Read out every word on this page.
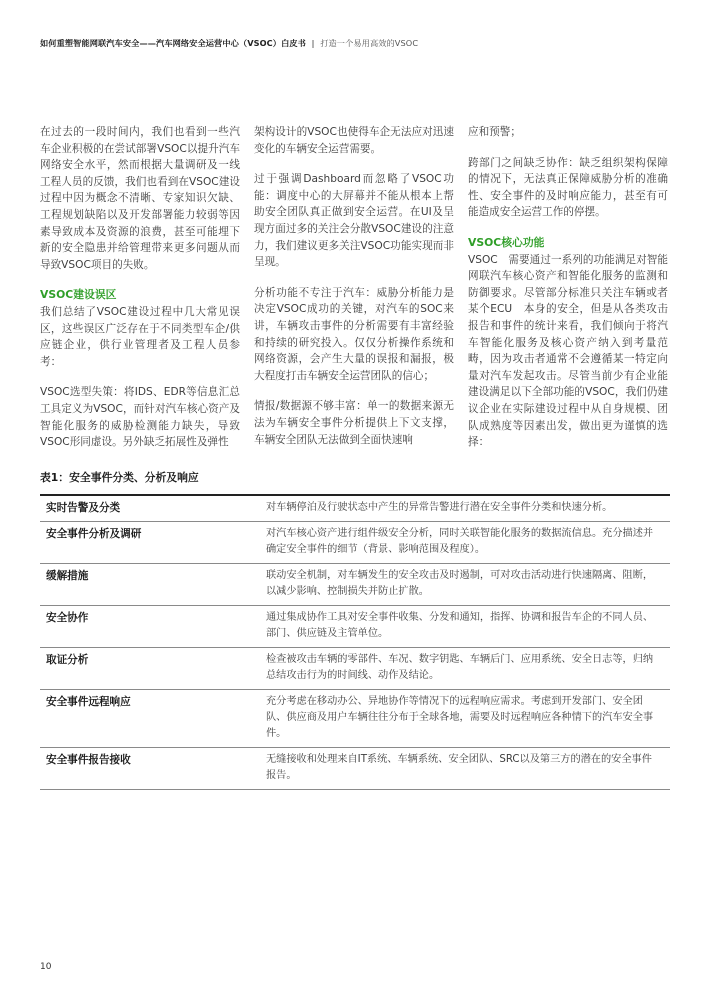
如何重塑智能网联汽车安全——汽车网络安全运营中心（VSOC）白皮书 | 打造一个易用高效的VSOC

在过去的一段时间内，我们也看到一些汽车企业积极的在尝试部署VSOC以提升汽车网络安全水平，然而根据大量调研及一线工程人员的反馈，我们也看到在VSOC建设过程中因为概念不清晰、专家知识欠缺、工程规划缺陷以及开发部署能力较弱等因素导致成本及资源的浪费，甚至可能埋下新的安全隐患并给管理带来更多问题从而导致VSOC项目的失败。

VSOC建设误区

我们总结了VSOC建设过程中几大常见误区，这些误区广泛存在于不同类型车企/供应链企业，供行业管理者及工程人员参考：

VSOC选型失策：将IDS、EDR等信息汇总工具定义为VSOC，而针对汽车核心资产及智能化服务的威胁检测能力缺失，导致VSOC形同虚设。另外缺乏拓展性及弹性

架构设计的VSOC也使得车企无法应对迅速变化的车辆安全运营需要。

过于强调Dashboard而忽略了VSOC功能：调度中心的大屏幕并不能从根本上帮助安全团队真正做到安全运营。在UI及呈现方面过多的关注会分散VSOC建设的注意力，我们建议更多关注VSOC功能实现而非呈现。

分析功能不专注于汽车：威胁分析能力是决定VSOC成功的关键，对汽车的SOC来讲，车辆攻击事件的分析需要有丰富经验和持续的研究投入。仅仅分析操作系统和网络资源，会产生大量的误报和漏报，极大程度打击车辆安全运营团队的信心；

情报/数据源不够丰富：单一的数据来源无法为车辆安全事件分析提供上下文支撑，车辆安全团队无法做到全面快速响

应和预警；

跨部门之间缺乏协作：缺乏组织架构保障的情况下，无法真正保障威胁分析的准确性、安全事件的及时响应能力，甚至有可能造成安全运营工作的停摆。

VSOC核心功能

VSOC　需要通过一系列的功能满足对智能网联汽车核心资产和智能化服务的监测和防御要求。尽管部分标准只关注车辆或者某个ECU　本身的安全，但是从各类攻击报告和事件的统计来看，我们倾向于将汽车智能化服务及核心资产纳入到考量范畴，因为攻击者通常不会遵循某一特定向量对汽车发起攻击。尽管当前少有企业能建设满足以下全部功能的VSOC，我们仍建议企业在实际建设过程中从自身规模、团队成熟度等因素出发，做出更为谨慎的选择：

表1：安全事件分类、分析及响应
实时告警及分类	对车辆停泊及行驶状态中产生的异常告警进行潜在安全事件分类和快速分析。
安全事件分析及调研	对汽车核心资产进行组件级安全分析，同时关联智能化服务的数据流信息。充分描述并确定安全事件的细节（背景、影响范围及程度）。
缓解措施	联动安全机制，对车辆发生的安全攻击及时遏制，可对攻击活动进行快速隔离、阻断，以减少影响、控制损失并防止扩散。
安全协作	通过集成协作工具对安全事件收集、分发和通知，指挥、协调和报告车企的不同人员、部门、供应链及主管单位。
取证分析	检查被攻击车辆的零部件、车况、数字钥匙、车辆后门、应用系统、安全日志等，归纳总结攻击行为的时间线、动作及结论。
安全事件远程响应	充分考虑在移动办公、异地协作等情况下的远程响应需求。考虑到开发部门、安全团队、供应商及用户车辆往往分布于全球各地，需要及时远程响应各种情下的汽车安全事件。
安全事件报告接收	无缝接收和处理来自IT系统、车辆系统、安全团队、SRC以及第三方的潜在的安全事件报告。
10
